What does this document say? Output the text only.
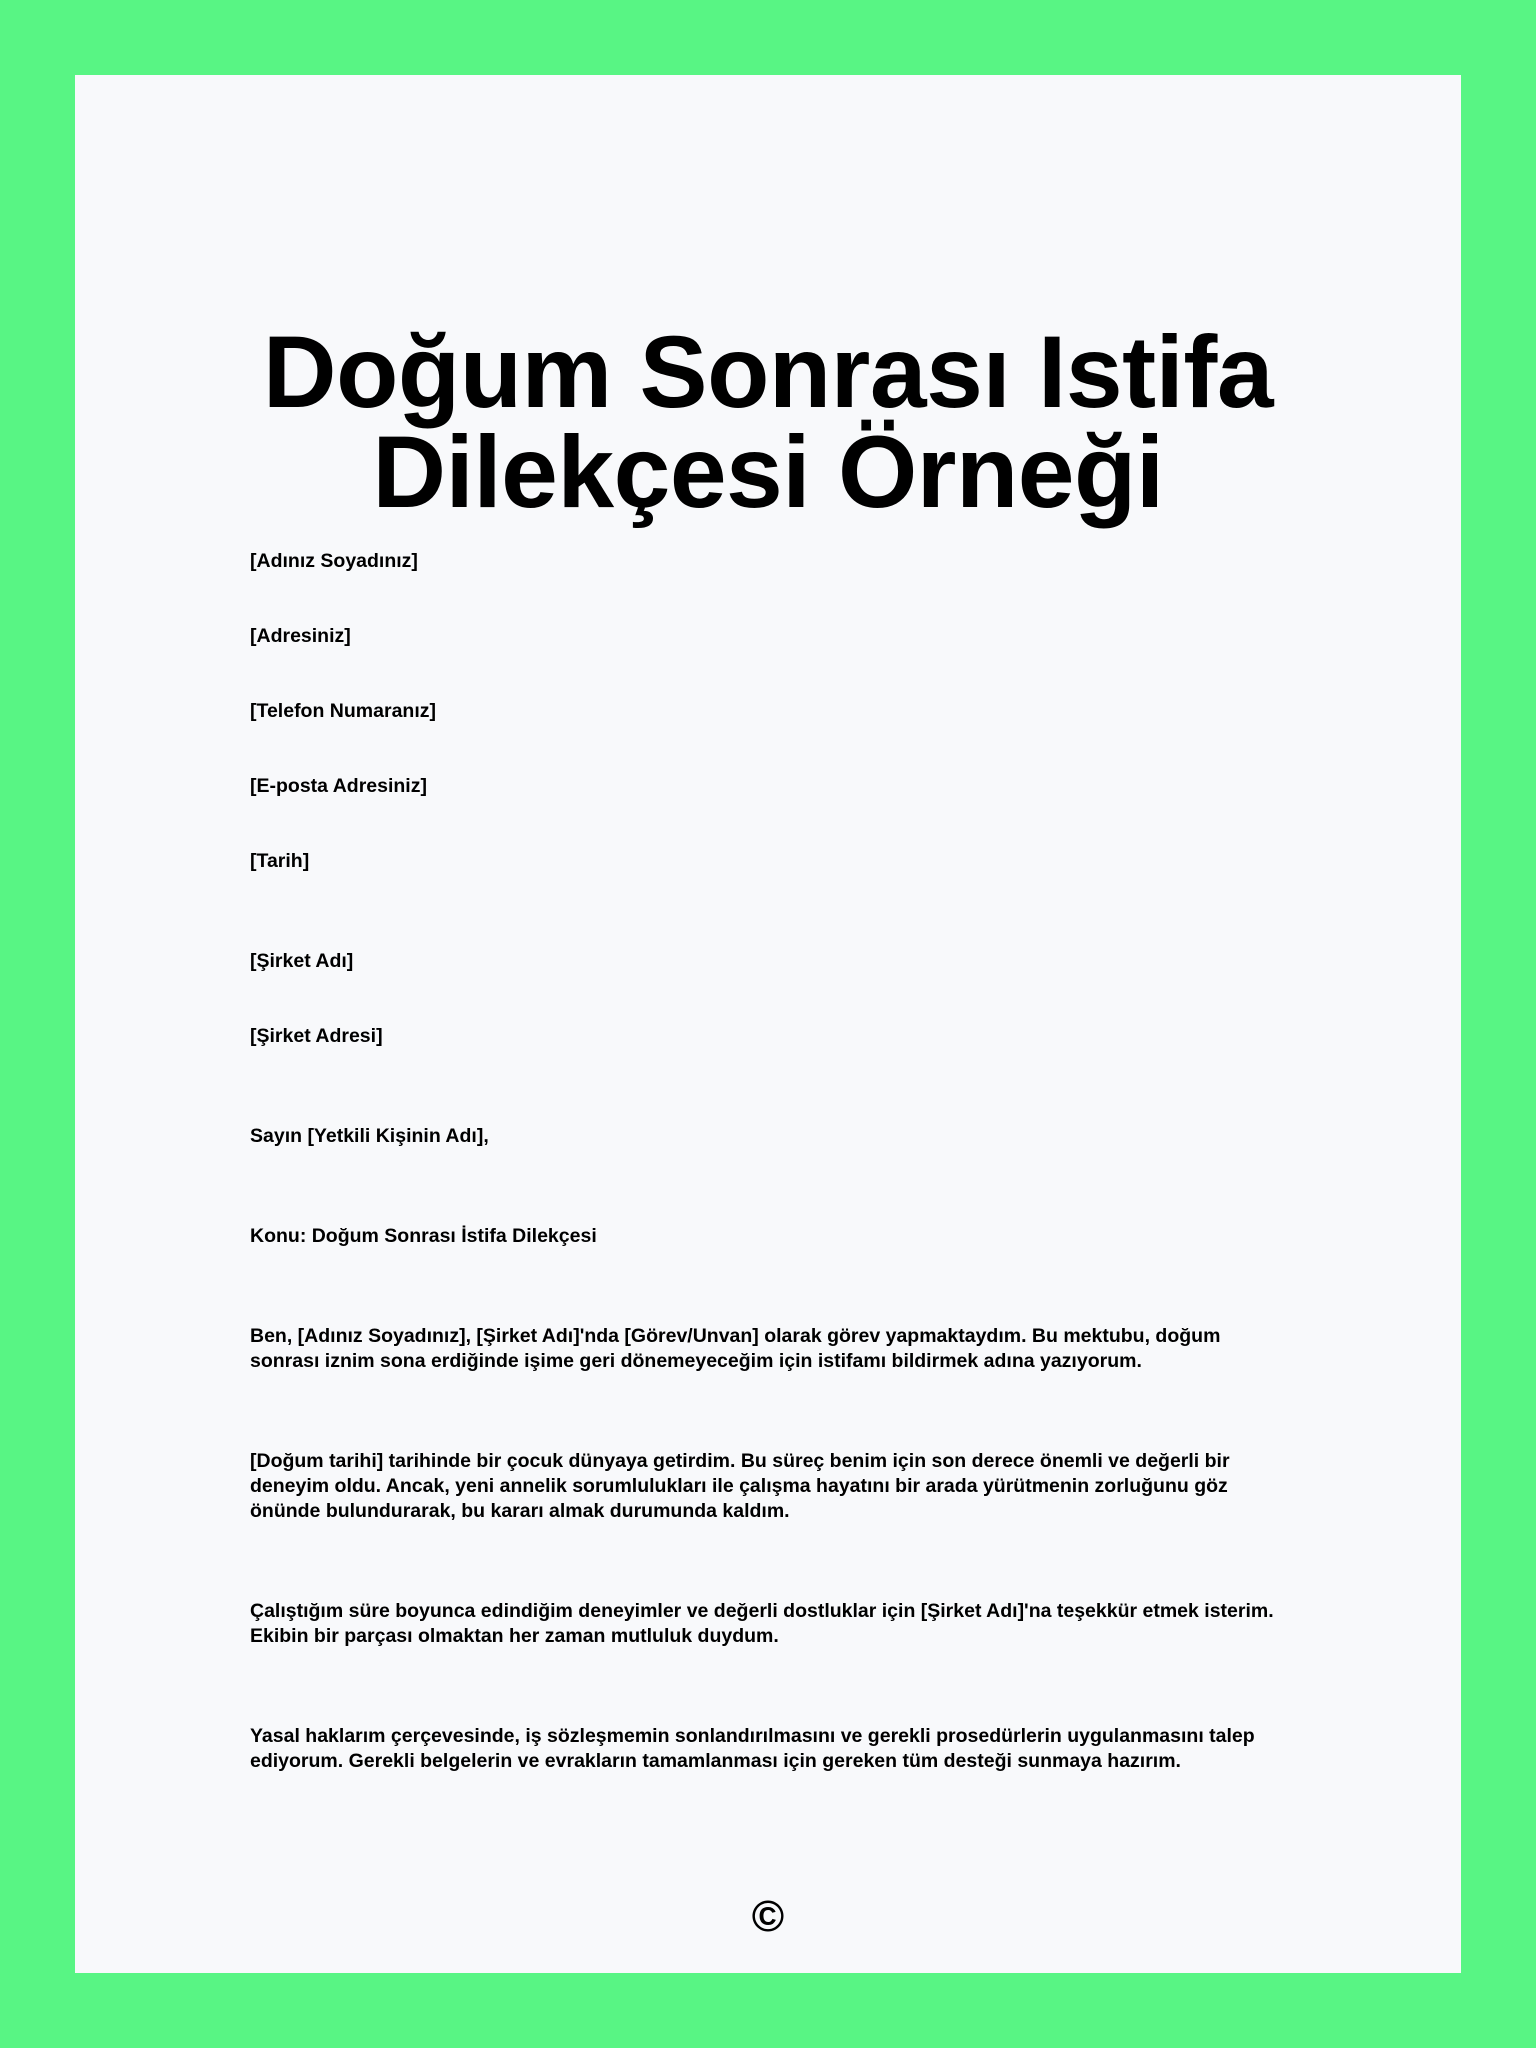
Doğum Sonrası Istifa Dilekçesi Örneği

[Adınız Soyadınız]

[Adresiniz]

[Telefon Numaranız]

[E-posta Adresiniz]

[Tarih]

[Şirket Adı]

[Şirket Adresi]

Sayın [Yetkili Kişinin Adı],

Konu: Doğum Sonrası İstifa Dilekçesi

Ben, [Adınız Soyadınız], [Şirket Adı]'nda [Görev/Unvan] olarak görev yapmaktaydım. Bu mektubu, doğum sonrası iznim sona erdiğinde işime geri dönemeyeceğim için istifamı bildirmek adına yazıyorum.

[Doğum tarihi] tarihinde bir çocuk dünyaya getirdim. Bu süreç benim için son derece önemli ve değerli bir deneyim oldu. Ancak, yeni annelik sorumlulukları ile çalışma hayatını bir arada yürütmenin zorluğunu göz önünde bulundurarak, bu kararı almak durumunda kaldım.

Çalıştığım süre boyunca edindiğim deneyimler ve değerli dostluklar için [Şirket Adı]'na teşekkür etmek isterim. Ekibin bir parçası olmaktan her zaman mutluluk duydum.

Yasal haklarım çerçevesinde, iş sözleşmemin sonlandırılmasını ve gerekli prosedürlerin uygulanmasını talep ediyorum. Gerekli belgelerin ve evrakların tamamlanması için gereken tüm desteği sunmaya hazırım.

©
